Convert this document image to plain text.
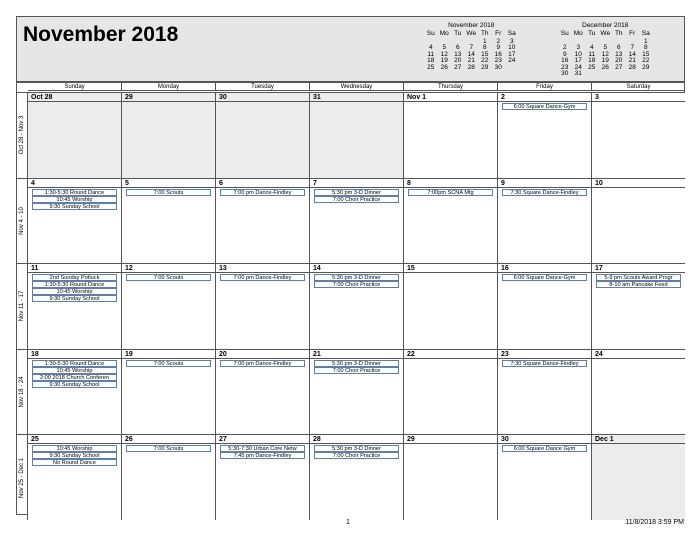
November 2018	November 2018
Su	Mo	Tu	We	Th	Fr	Sa
				1	2	3
4	5	6	7	8	9	10
11	12	13	14	15	16	17
18	19	20	21	22	23	24
25	26	27	28	29	30	
December 2018
Su	Mo	Tu	We	Th	Fr	Sa
						1
2	3	4	5	6	7	8
9	10	11	12	13	14	15
16	17	18	19	20	21	22
23	24	25	26	27	28	29
30	31					
Sunday	Monday	Tuesday	Wednesday	Thursday	Friday	Saturday
Oct 28 - Nov 3
Oct 28	29	30	31	Nov 1	2
6:00 Square Dance-Gym
3
Nov 4 - 10
4
1:30-5:30 Round Dance
10:45 Worship
9:30 Sunday School
5
7:00 Scouts
6
7:00 pm Dance-Findley
7
5:30 pm 3-D Dinner
7:00 Choir Practice
8
7:00pm SCNA Mtg
9
7:30 Square Dance-Findley
10
Nov 11 - 17
11
2nd Sunday Potluck
1:30-5:30 Round Dance
10:45 Worship
9:30 Sunday School
12
7:00 Scouts
13
7:00 pm Dance-Findley
14
5:30 pm 3-D Dinner
7:00 Choir Practice
15	16
6:00 Square Dance-Gym
17
5-9 pm Scouts Award Progr
8-10 am Pancake Feed
Nov 18 - 24
18
1:30-5:30 Round Dance
10:45 Worship
2:00 2018 Church Conferen
9:30 Sunday School
19
7:00 Scouts
20
7:00 pm Dance-Findley
21
5:30 pm 3-D Dinner
7:00 Choir Practice
22	23
7:30 Square Dance-Findley
24
Nov 25 - Dec 1
25
10:45 Worship
9:30 Sunday School
No Round Dance
26
7:00 Scouts
27
5:30-7:30 Urban Core Netw
7:45 pm Dance-Findley
28
5:30 pm 3-D Dinner
7:00 Choir Practice
29	30
6:00 Square Dance Gym
Dec 1
1	11/8/2018 3:59 PM
